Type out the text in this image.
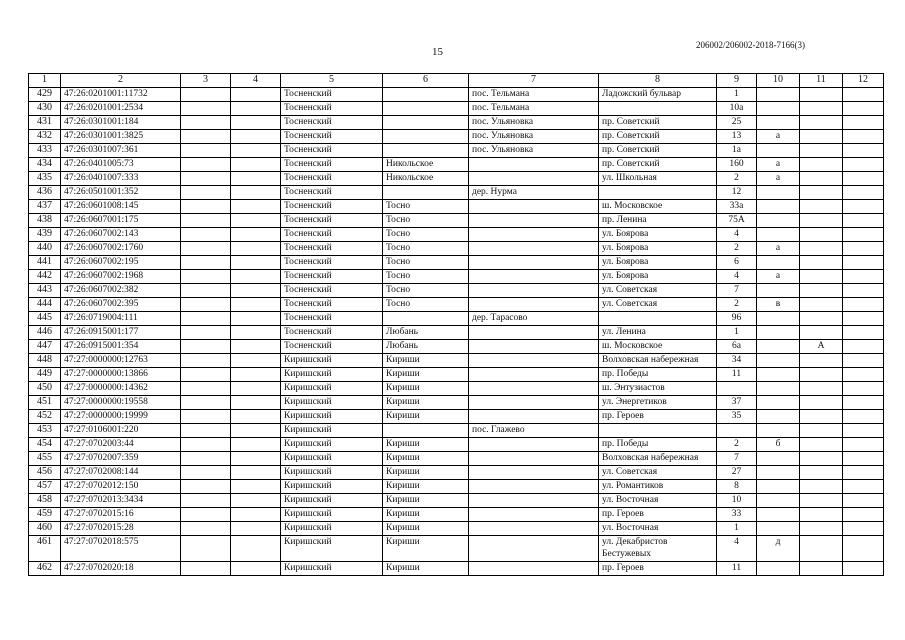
206002/206002-2018-7166(3)
15
1	2	3	4	5	6	7	8	9	10	11	12
429	47:26:0201001:11732			Тосненский		пос. Тельмана	Ладожский бульвар	1			
430	47:26:0201001:2534			Тосненский		пос. Тельмана		10а			
431	47:26:0301001:184			Тосненский		пос. Ульяновка	пр. Советский	25			
432	47:26:0301001:3825			Тосненский		пос. Ульяновка	пр. Советский	13	а		
433	47:26:0301007:361			Тосненский		пос. Ульяновка	пр. Советский	1а			
434	47:26:0401005:73			Тосненский	Никольское		пр. Советский	160	а		
435	47:26:0401007:333			Тосненский	Никольское		ул. Школьная	2	а		
436	47:26:0501001:352			Тосненский		дер. Нурма		12			
437	47:26:0601008:145			Тосненский	Тосно		ш. Московское	33а			
438	47:26:0607001:175			Тосненский	Тосно		пр. Ленина	75А			
439	47:26:0607002:143			Тосненский	Тосно		ул. Боярова	4			
440	47:26:0607002:1760			Тосненский	Тосно		ул. Боярова	2	а		
441	47:26:0607002:195			Тосненский	Тосно		ул. Боярова	6			
442	47:26:0607002:1968			Тосненский	Тосно		ул. Боярова	4	а		
443	47:26:0607002:382			Тосненский	Тосно		ул. Советская	7			
444	47:26:0607002:395			Тосненский	Тосно		ул. Советская	2	в		
445	47:26:0719004:111			Тосненский		дер. Тарасово		96			
446	47:26:0915001:177			Тосненский	Любань		ул. Ленина	1			
447	47:26:0915001:354			Тосненский	Любань		ш. Московское	6а		А	
448	47:27:0000000:12763			Киришский	Кириши		Волховская набережная	34			
449	47:27:0000000:13866			Киришский	Кириши		пр. Победы	11			
450	47:27:0000000:14362			Киришский	Кириши		ш. Энтузиастов				
451	47:27:0000000:19558			Киришский	Кириши		ул. Энергетиков	37			
452	47:27:0000000:19999			Киришский	Кириши		пр. Героев	35			
453	47:27:0106001:220			Киришский		пос. Глажево					
454	47:27:0702003:44			Киришский	Кириши		пр. Победы	2	б		
455	47:27:0702007:359			Киришский	Кириши		Волховская набережная	7			
456	47:27:0702008:144			Киришский	Кириши		ул. Советская	27			
457	47:27:0702012:150			Киришский	Кириши		ул. Романтиков	8			
458	47:27:0702013:3434			Киришский	Кириши		ул. Восточная	10			
459	47:27:0702015:16			Киришский	Кириши		пр. Героев	33			
460	47:27:0702015:28			Киришский	Кириши		ул. Восточная	1			
461	47:27:0702018:575			Киришский	Кириши		ул. Декабристов Бестужевых	4	д		
462	47:27:0702020:18			Киришский	Кириши		пр. Героев	11			
